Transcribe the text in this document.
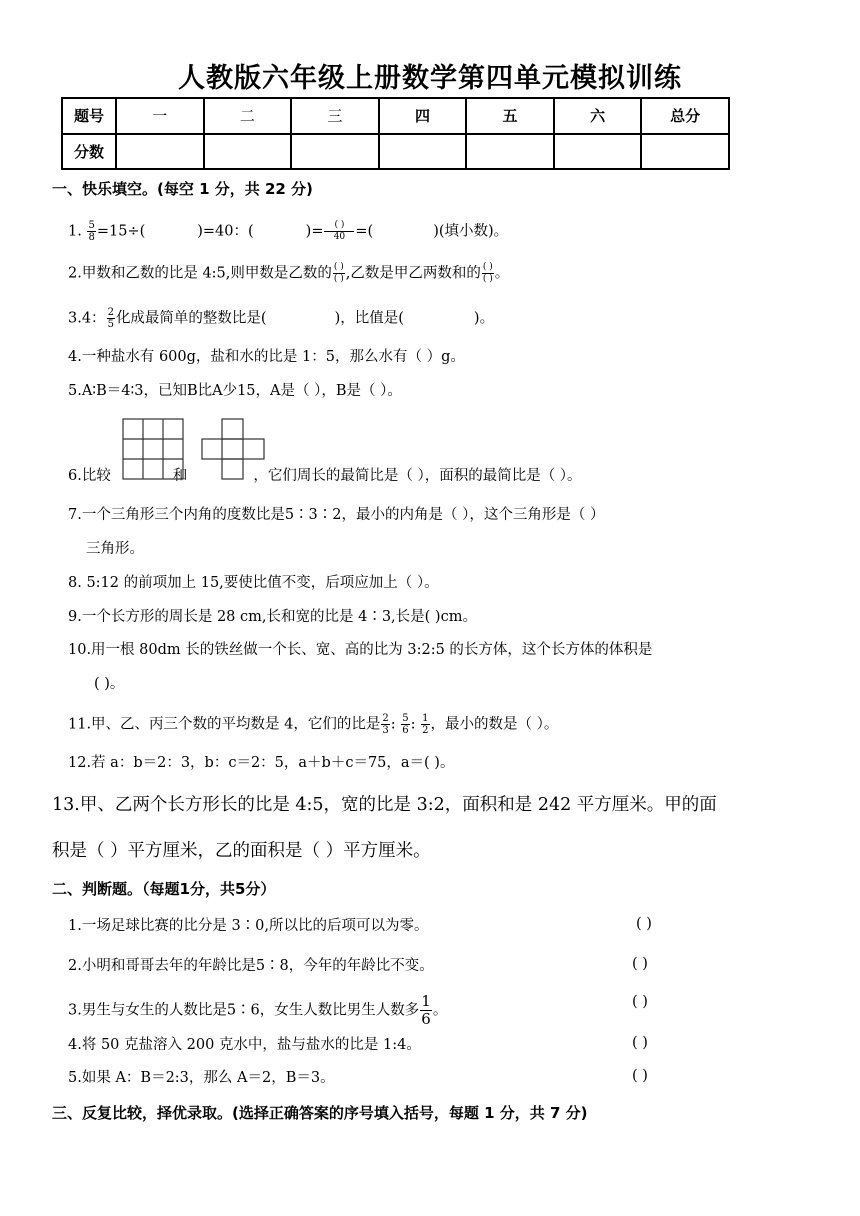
人教版六年级上册数学第四单元模拟训练
题号	一	二	三	四	五	六	总分
分数							
一、快乐填空。(每空 1 分，共 22 分)
1. $\frac{5}{8} =15\div$(	)=40：(	)= $\frac{( )}{40}$ =(	)(填小数)。
2.甲数和乙数的比是 4:5,则甲数是乙数的 $\frac{( )}{( )}$ ,乙数是甲乙两数和的 $\frac{( )}{( )}$ 。
3.4： $\frac{2}{5}$ 化成最简单的整数比是(	)，比值是(	)。
4.一种盐水有 600g，盐和水的比是 1：5，那么水有（ ）g。
5.A∶B＝4∶3，已知B比A少15，A是（ ），B是（ ）。
6.比较	和	，它们周长的最简比是（ ），面积的最简比是（ ）。
7.一个三角形三个内角的度数比是5∶3∶2，最小的内角是（ ），这个三角形是（ ）
三角形。
8. 5:12 的前项加上 15,要使比值不变，后项应加上（ ）。
9.一个长方形的周长是 28 cm,长和宽的比是 4∶3,长是( )cm。
10.用一根 80dm 长的铁丝做一个长、宽、高的比为 3:2:5 的长方体，这个长方体的体积是
( )。
11.甲、乙、丙三个数的平均数是 4，它们的比是 $\frac{2}{3}$ : $\frac{5}{6}$ : $\frac{1}{2}$ ，最小的数是（ ）。
12.若 a：b＝2：3，b：c＝2：5，a＋b＋c＝75，a＝( )。
13.甲、乙两个长方形长的比是 4:5，宽的比是 3:2，面积和是 242 平方厘米。甲的面
积是（ ）平方厘米，乙的面积是（ ）平方厘米。
二、判断题。（每题1分，共5分）
1.一场足球比赛的比分是 3∶0,所以比的后项可以为零。	( )
2.小明和哥哥去年的年龄比是5∶8，今年的年龄比不变。	( )
3.男生与女生的人数比是5∶6，女生人数比男生人数多 $\frac{1}{6}$ 。
( )
4.将 50 克盐溶入 200 克水中，盐与盐水的比是 1:4。	( )
5.如果 A：B＝2:3，那么 A＝2，B＝3。	( )
三、反复比较，择优录取。(选择正确答案的序号填入括号，每题 1 分，共 7 分)
